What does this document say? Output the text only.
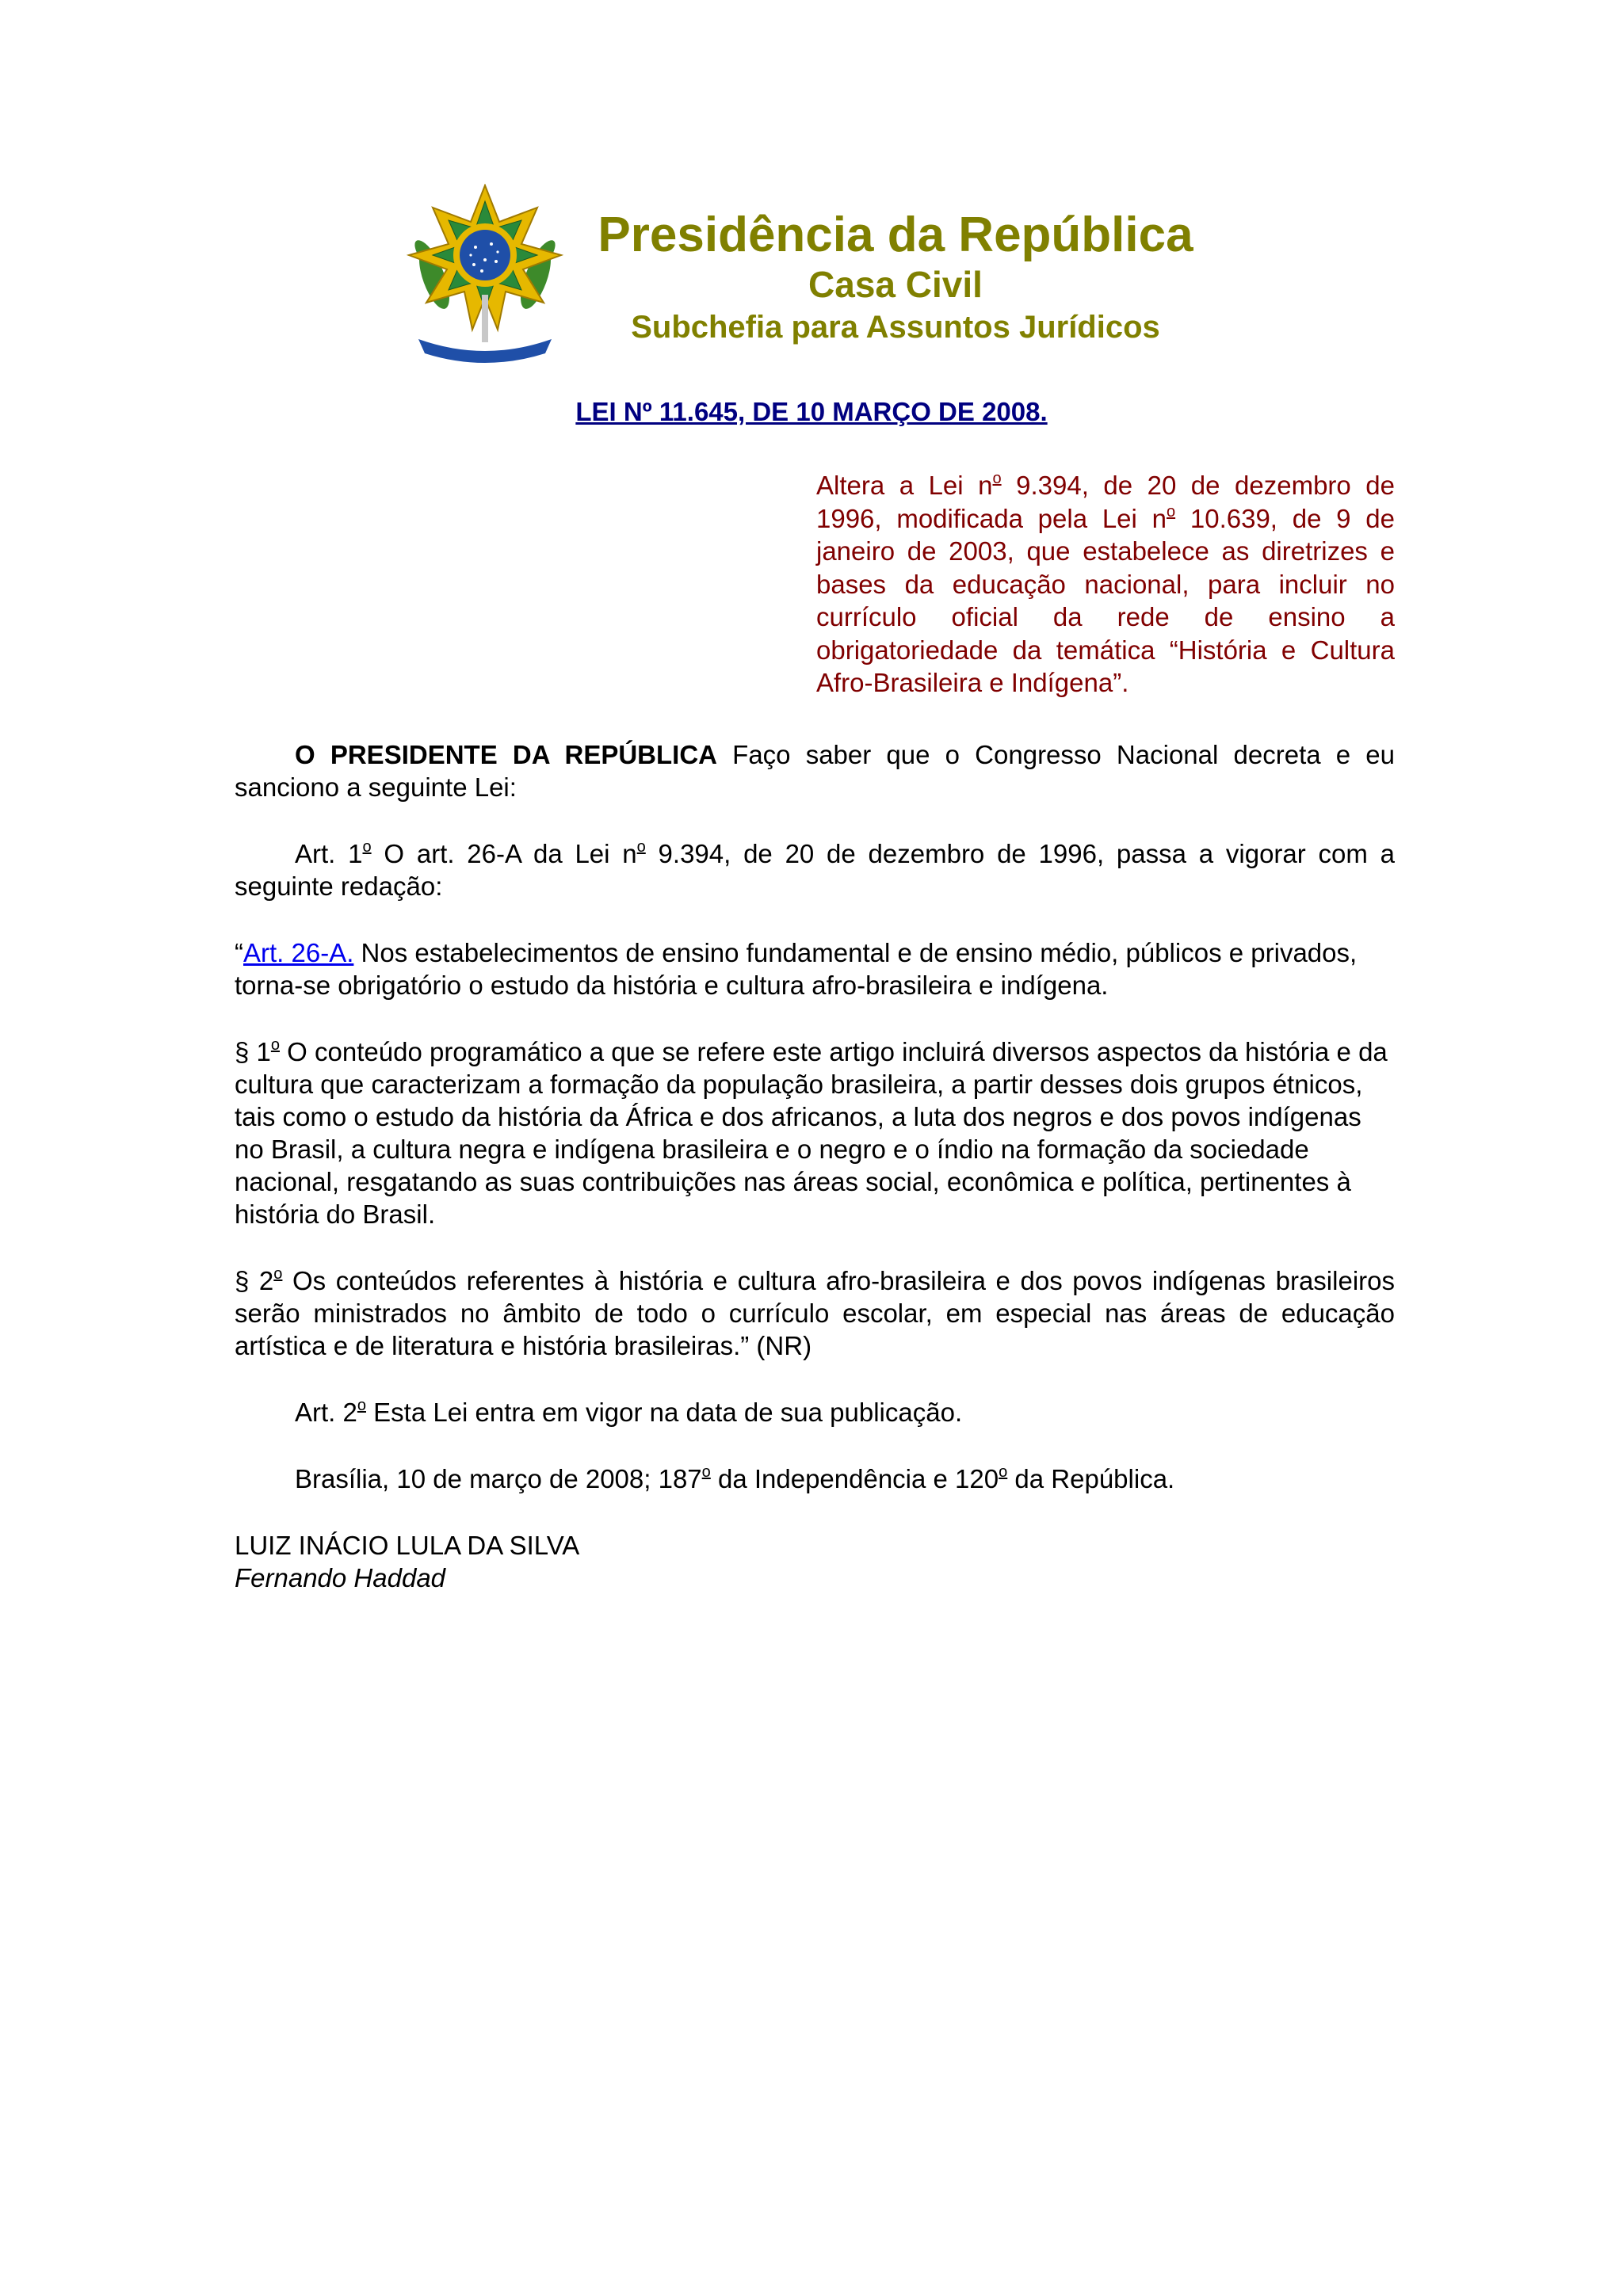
Presidência da República
Casa Civil
Subchefia para Assuntos Jurídicos
LEI Nº 11.645, DE 10 MARÇO DE 2008.
Altera a Lei $n^o$ 9.394, de 20 de dezembro de 1996, modificada pela Lei $n^o$ 10.639, de 9 de janeiro de 2003, que estabelece as diretrizes e bases da educação nacional, para incluir no currículo oficial da rede de ensino a obrigatoriedade da temática “História e Cultura Afro-Brasileira e Indígena”.

O PRESIDENTE DA REPÚBLICA Faço saber que o Congresso Nacional decreta e eu sanciono a seguinte Lei:

Art. 1$^o$ O art. 26-A da Lei $n^o$ 9.394, de 20 de dezembro de 1996, passa a vigorar com a seguinte redação:

“Art. 26-A. Nos estabelecimentos de ensino fundamental e de ensino médio, públicos e privados, torna-se obrigatório o estudo da história e cultura afro-brasileira e indígena.

§ 1$^o$ O conteúdo programático a que se refere este artigo incluirá diversos aspectos da história e da cultura que caracterizam a formação da população brasileira, a partir desses dois grupos étnicos, tais como o estudo da história da África e dos africanos, a luta dos negros e dos povos indígenas no Brasil, a cultura negra e indígena brasileira e o negro e o índio na formação da sociedade nacional, resgatando as suas contribuições nas áreas social, econômica e política, pertinentes à história do Brasil.

§ 2$^o$ Os conteúdos referentes à história e cultura afro-brasileira e dos povos indígenas brasileiros serão ministrados no âmbito de todo o currículo escolar, em especial nas áreas de educação artística e de literatura e história brasileiras.” (NR)

Art. 2$^o$ Esta Lei entra em vigor na data de sua publicação.

Brasília, 10 de março de 2008; 187$^o$ da Independência e 120$^o$ da República.

LUIZ INÁCIO LULA DA SILVA
Fernando Haddad
